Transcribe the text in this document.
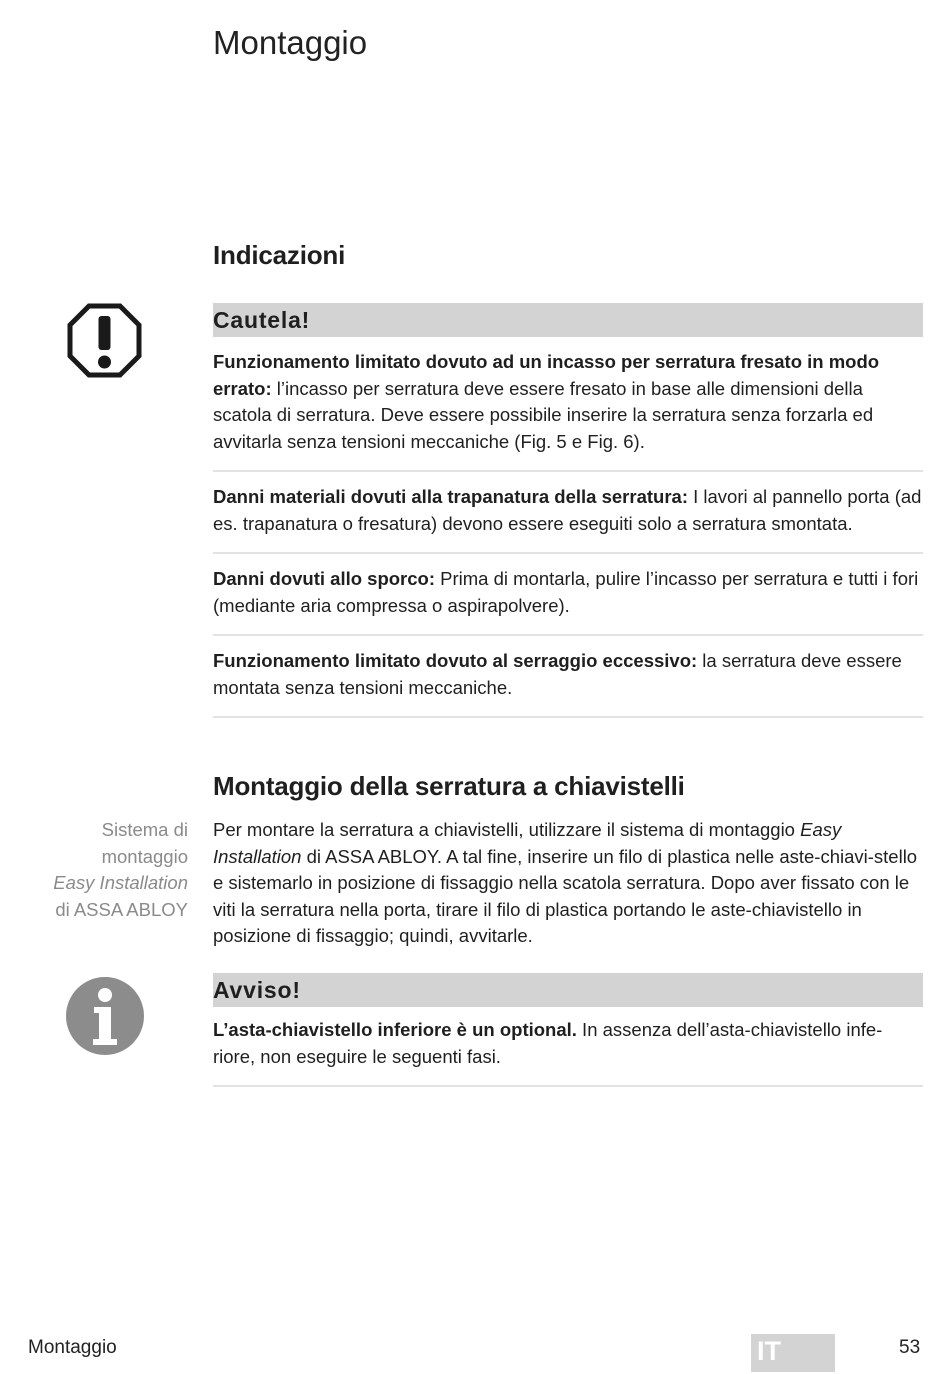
Montaggio
Indicazioni
Cautela!
Funzionamento limitato dovuto ad un incasso per serratura fresato in modo errato: l’incasso per serratura deve essere fresato in base alle dimensioni della scatola di serratura. Deve essere possibile inserire la serratura senza forzarla ed avvitarla senza tensioni meccaniche (Fig. 5 e Fig. 6).
Danni materiali dovuti alla trapanatura della serratura: I lavori al pannello porta (ad es. trapanatura o fresatura) devono essere eseguiti solo a serratura smontata.
Danni dovuti allo sporco: Prima di montarla, pulire l’incasso per serratura e tutti i fori (mediante aria compressa o aspirapolvere).
Funzionamento limitato dovuto al serraggio eccessivo: la serratura deve essere montata senza tensioni meccaniche.
Montaggio della serratura a chiavistelli
Sistema di
montaggio
Easy Installation
di ASSA ABLOY
Per montare la serratura a chiavistelli, utilizzare il sistema di montaggio Easy Installation di ASSA ABLOY. A tal fine, inserire un filo di plastica nelle aste-chiavi-stello e sistemarlo in posizione di fissaggio nella scatola serratura. Dopo aver fissato con le viti la serratura nella porta, tirare il filo di plastica portando le aste-chiavistello in posizione di fissaggio; quindi, avvitarle.
Avviso!
L’asta-chiavistello inferiore è un optional. In assenza dell’asta-chiavistello infe-riore, non eseguire le seguenti fasi.
Montaggio	IT	53
